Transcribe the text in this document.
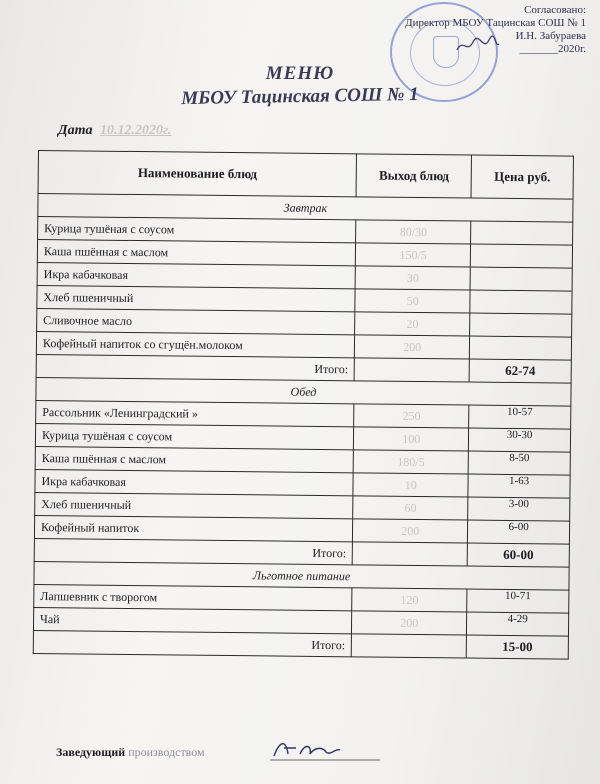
Согласовано:
Директор МБОУ Тацинская СОШ № 1
И.Н. Забураева
_______2020г.
МЕНЮ
МБОУ Тацинская СОШ № 1
Дата 10.12.2020г.
Наименование блюд	Выход блюд	Цена руб.
Завтрак		
Курица тушёная с соусом	80/30	
Каша пшённая с маслом	150/5	
Икра кабачковая	30	
Хлеб пшеничный	50	
Сливочное масло	20	
Кофейный напиток со сгущён.молоком	200	
Итого:		62-74
Обед		
Рассольник «Ленинградский »	250	10-57
Курица тушёная с соусом	100	30-30
Каша пшённая с маслом	180/5	8-50
Икра кабачковая	10	1-63
Хлеб пшеничный	60	3-00
Кофейный напиток	200	6-00
Итого:		60-00
Льготное питание		
Лапшевник с творогом	120	10-71
Чай	200	4-29
Итого:		15-00
Заведующий производством
